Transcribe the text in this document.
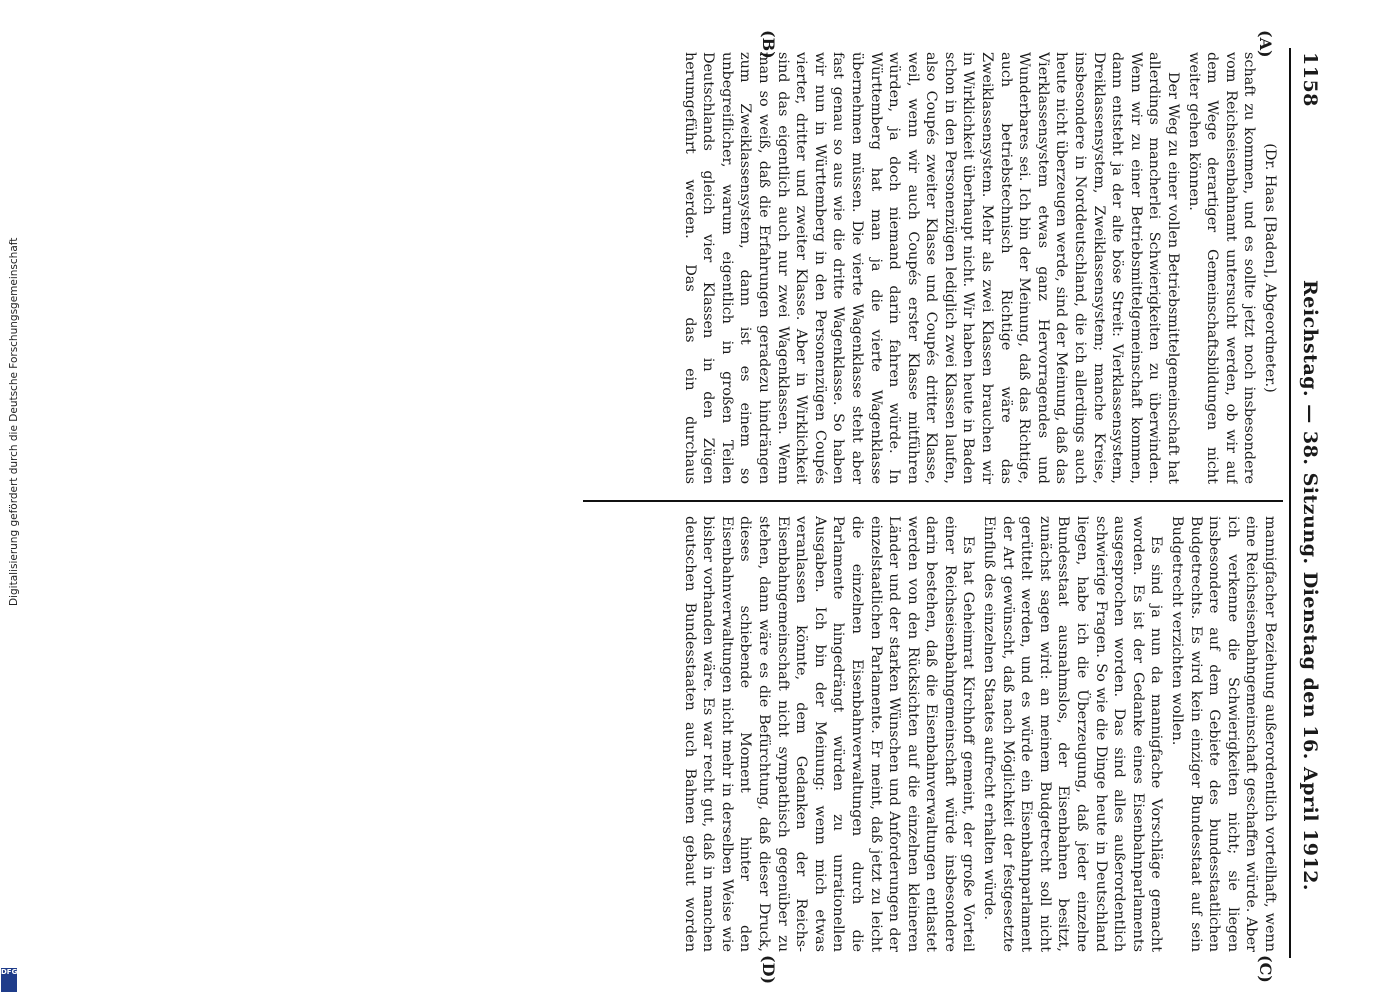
1158
Reichstag. — 38. Sitzung. Dienstag den 16. April 1912.
(A)
(B)
(C)
(D)

(Dr. Haas [Baden], Abgeordneter.)

schaft zu kommen, und es sollte jetzt noch insbesondere vom Reichseisenbahnamt untersucht werden, ob wir auf dem Wege derartiger Gemeinschaftsbildungen nicht weiter gehen können.

Der Weg zu einer vollen Betriebsmittelgemeinschaft hat allerdings mancherlei Schwierigkeiten zu überwinden. Wenn wir zu einer Betriebsmittelgemeinschaft kommen, dann entsteht ja der alte böse Streit: Vierklassensystem, Dreiklassensystem, Zweiklassensystem; manche Kreise, insbesondere in Norddeutschland, die ich allerdings auch heute nicht überzeugen werde, sind der Meinung, daß das Vierklassensystem etwas ganz Hervorragendes und Wunderbares sei. Ich bin der Meinung, daß das Richtige, auch betriebstechnisch Richtige wäre das Zweiklassensystem. Mehr als zwei Klassen brauchen wir in Wirklichkeit überhaupt nicht. Wir haben heute in Baden schon in den Personenzügen lediglich zwei Klassen laufen, also Coupés zweiter Klasse und Coupés dritter Klasse, weil, wenn wir auch Coupés erster Klasse mitführen würden, ja doch niemand darin fahren würde. In Württemberg hat man ja die vierte Wagenklasse übernehmen müssen. Die vierte Wagenklasse steht aber fast genau so aus wie die dritte Wagenklasse. So haben wir nun in Württemberg in den Personenzügen Coupés vierter, dritter und zweiter Klasse. Aber in Wirklichkeit sind das eigentlich auch nur zwei Wagenklassen. Wenn man so weiß, daß die Erfahrungen geradezu hindrängen zum Zweiklassensystem, dann ist es einem so unbegreiflicher, warum eigentlich in großen Teilen Deutschlands gleich vier Klassen in den Zügen herumgeführt werden. Das das ein durchaus

mannigfacher Beziehung außerordentlich vorteilhaft, wenn eine Reichseisenbahngemeinschaft geschaffen würde. Aber ich verkenne die Schwierigkeiten nicht; sie liegen insbesondere auf dem Gebiete des bundesstaatlichen Budgetrechts. Es wird kein einziger Bundesstaat auf sein Budgetrecht verzichten wollen.

Es sind ja nun da mannigfache Vorschläge gemacht worden. Es ist der Gedanke eines Eisenbahnparlaments ausgesprochen worden. Das sind alles außerordentlich schwierige Fragen. So wie die Dinge heute in Deutschland liegen, habe ich die Überzeugung, daß jeder einzelne Bundesstaat ausnahmslos, der Eisenbahnen besitzt, zunächst sagen wird: an meinem Budgetrecht soll nicht gerüttelt werden, und es würde ein Eisenbahnparlament der Art gewünscht, daß nach Möglichkeit der festgesetzte Einfluß des einzelnen Staates aufrecht erhalten würde.

Es hat Geheimrat Kirchhoff gemeint, der große Vorteil einer Reichseisenbahngemeinschaft würde insbesondere darin bestehen, daß die Eisenbahnverwaltungen entlastet werden von den Rücksichten auf die einzelnen kleineren Länder und der starken Wünschen und Anforderungen der einzelstaatlichen Parlamente. Er meint, daß jetzt zu leicht die einzelnen Eisenbahnverwaltungen durch die Parlamente hingedrängt würden zu unrationellen Ausgaben. Ich bin der Meinung: wenn mich etwas veranlassen könnte, dem Gedanken der Reichs-Eisenbahngemeinschaft nicht sympathisch gegenüber zu stehen, dann wäre es die Befürchtung, daß dieser Druck, dieses schiebende Moment hinter den Eisenbahnverwaltungen nicht mehr in derselben Weise wie bisher vorhanden wäre. Es war recht gut, daß in manchen deutschen Bundesstaaten auch Bahnen gebaut worden

Digitalisierung gefördert durch die Deutsche Forschungsgemeinschaft
DFG
